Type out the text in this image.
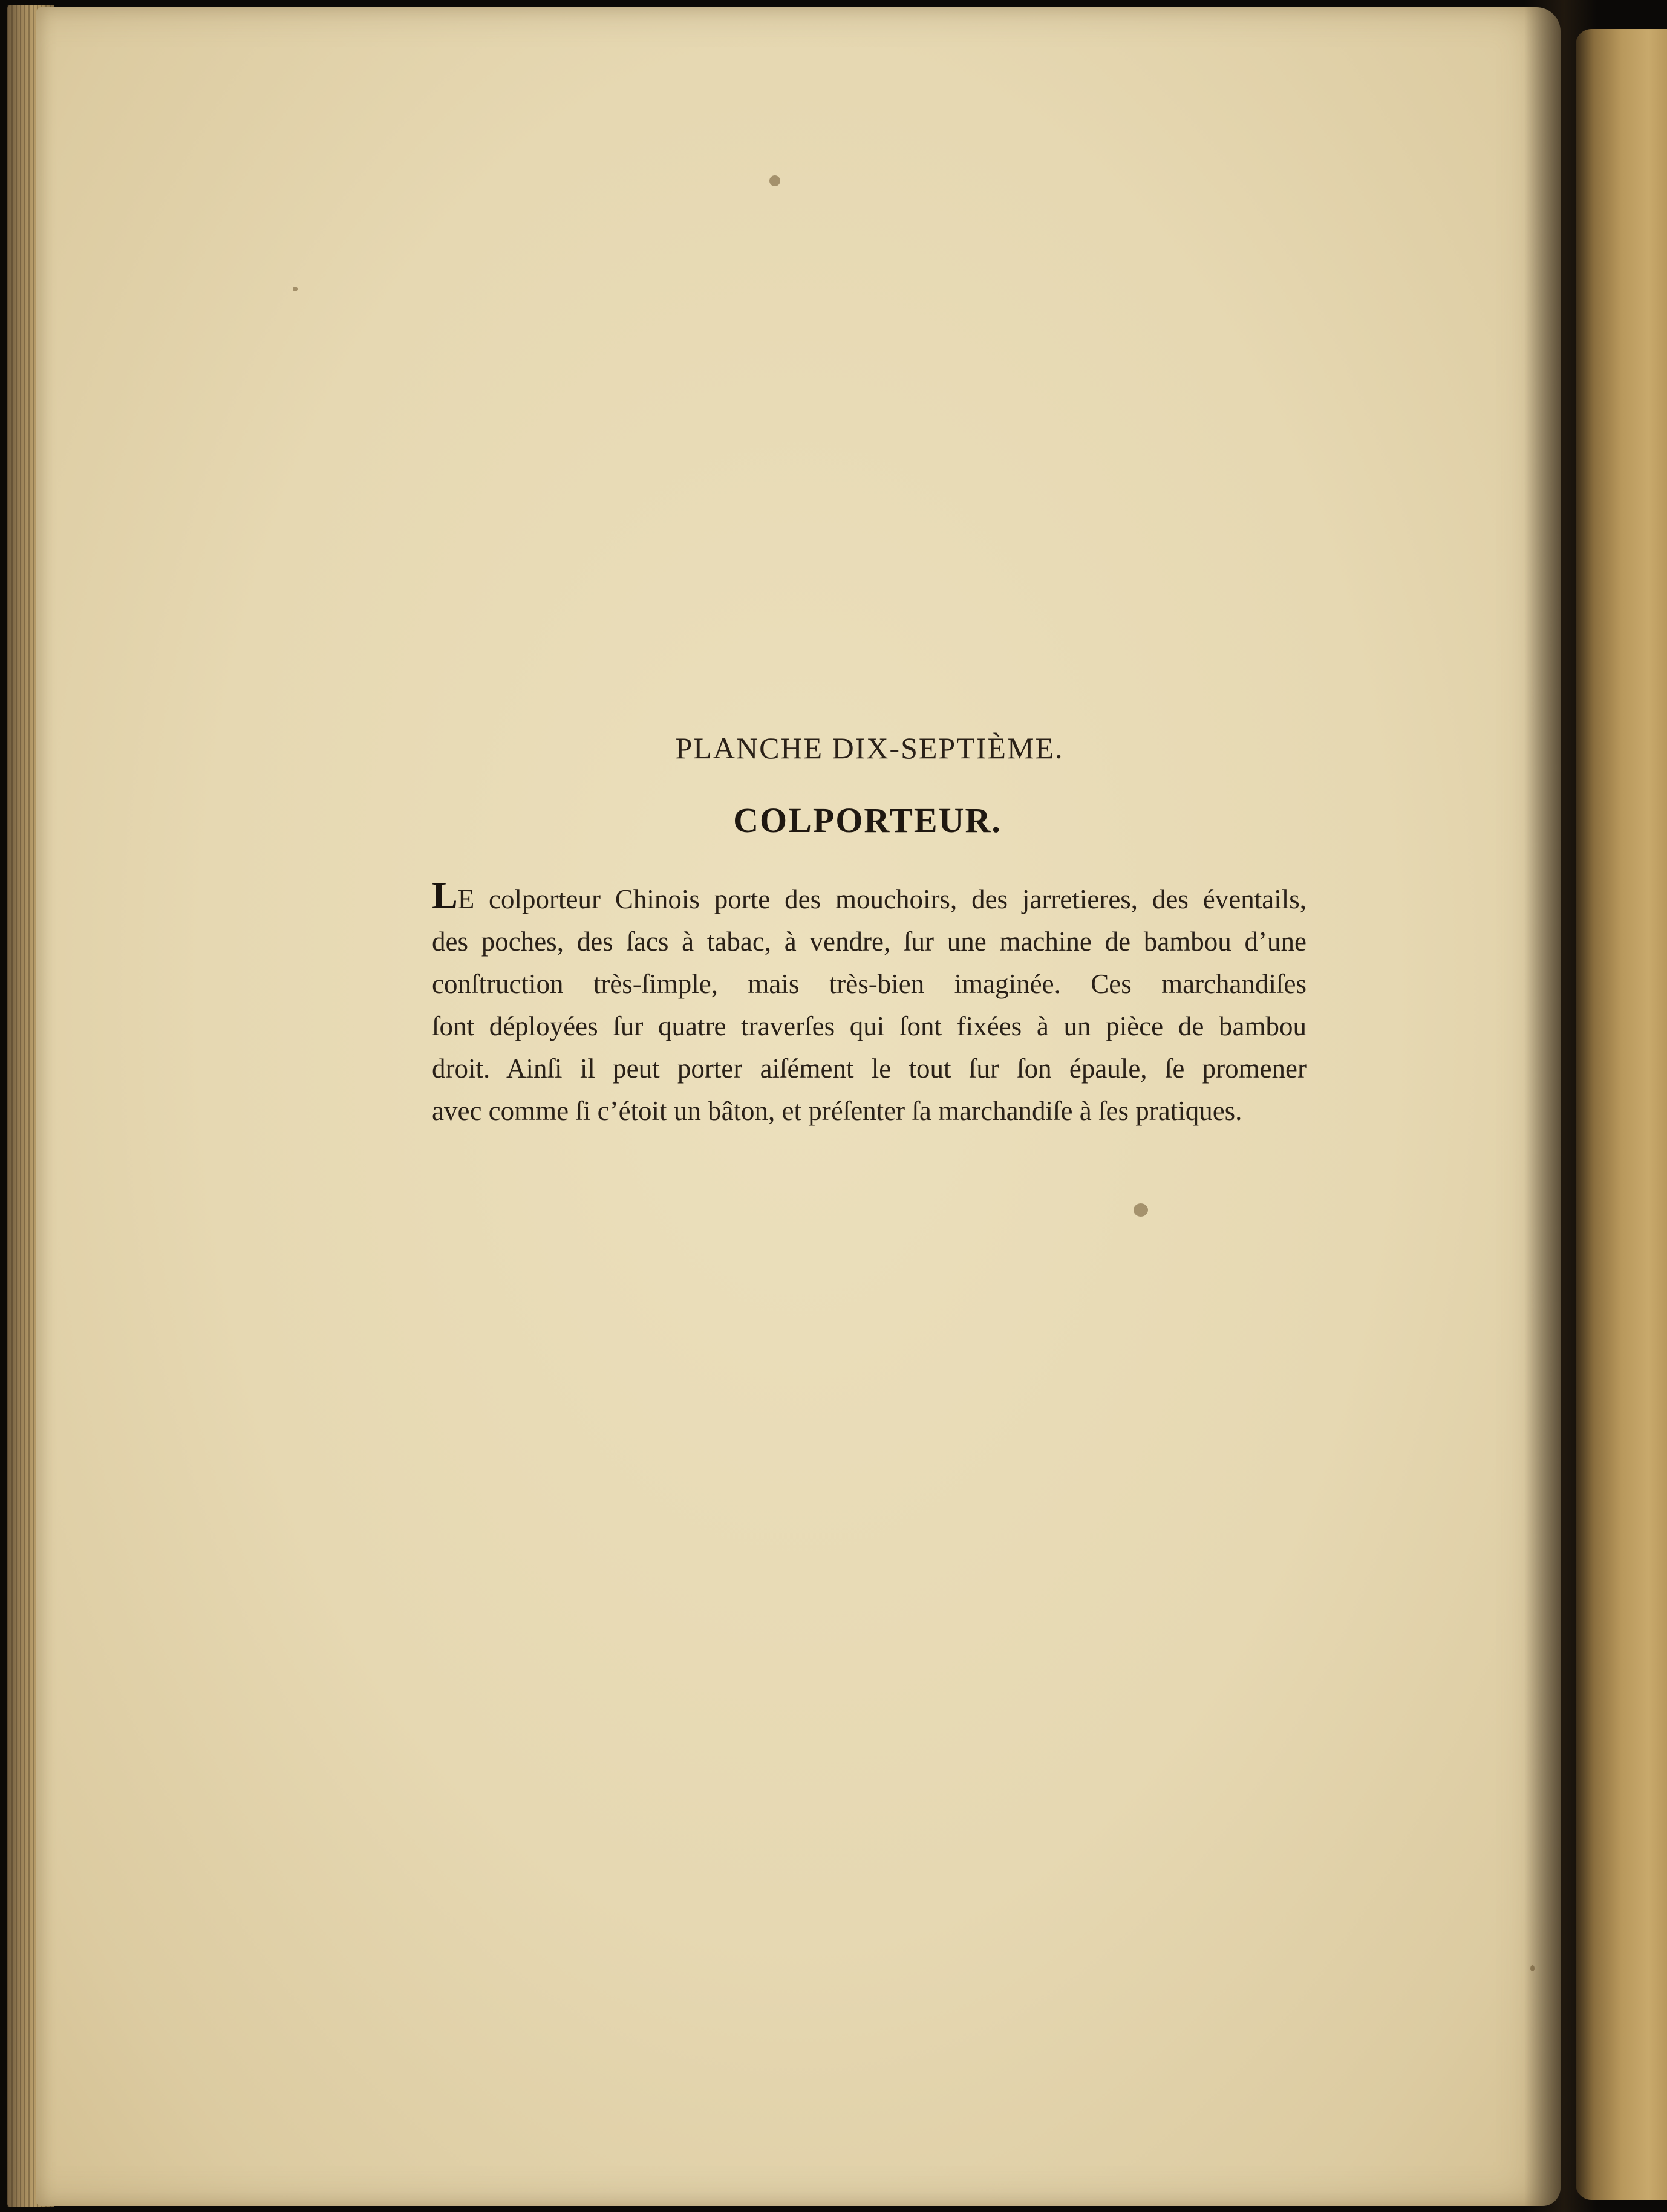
PLANCHE DIX-SEPTIÈME.
COLPORTEUR.
LE colporteur Chinois porte des mouchoirs, des jarretieres, des éventails,
des poches, des ſacs à tabac, à vendre, ſur une machine de bambou d’une
conſtruction très-ſimple, mais très-bien imaginée. Ces marchandiſes
ſont déployées ſur quatre traverſes qui ſont fixées à un pièce de bambou
droit. Ainſi il peut porter aiſément le tout ſur ſon épaule, ſe promener
avec comme ſi c’étoit un bâton, et préſenter ſa marchandiſe à ſes pratiques.
